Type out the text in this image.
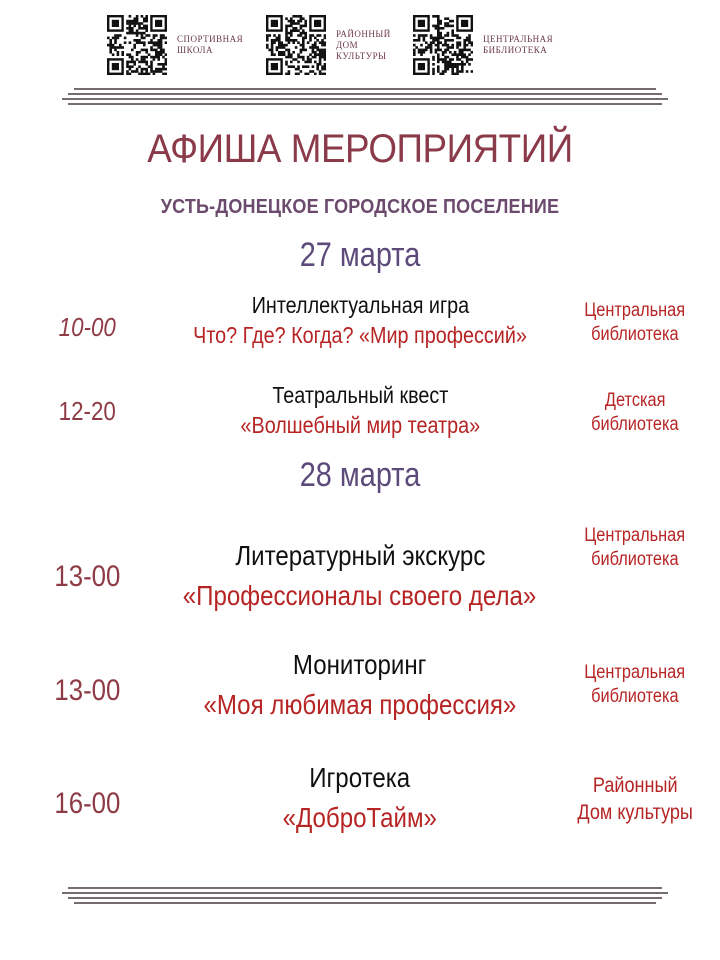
СПОРТИВНАЯ
ШКОЛА
РАЙОННЫЙ
ДОМ
КУЛЬТУРЫ
ЦЕНТРАЛЬНАЯ
БИБЛИОТЕКА
АФИША МЕРОПРИЯТИЙ
УСТЬ-ДОНЕЦКОЕ ГОРОДСКОЕ ПОСЕЛЕНИЕ
27 марта
10-00
Интеллектуальная игра
Что? Где? Когда? «Мир профессий»
Центральная
библиотека
12-20
Театральный квест
«Волшебный мир театра»
Детская
библиотека
28 марта
13-00
Литературный экскурс
«Профессионалы своего дела»
Центральная
библиотека
13-00
Мониторинг
«Моя любимая профессия»
Центральная
библиотека
16-00
Игротека
«ДоброТайм»
Районный
Дом культуры
